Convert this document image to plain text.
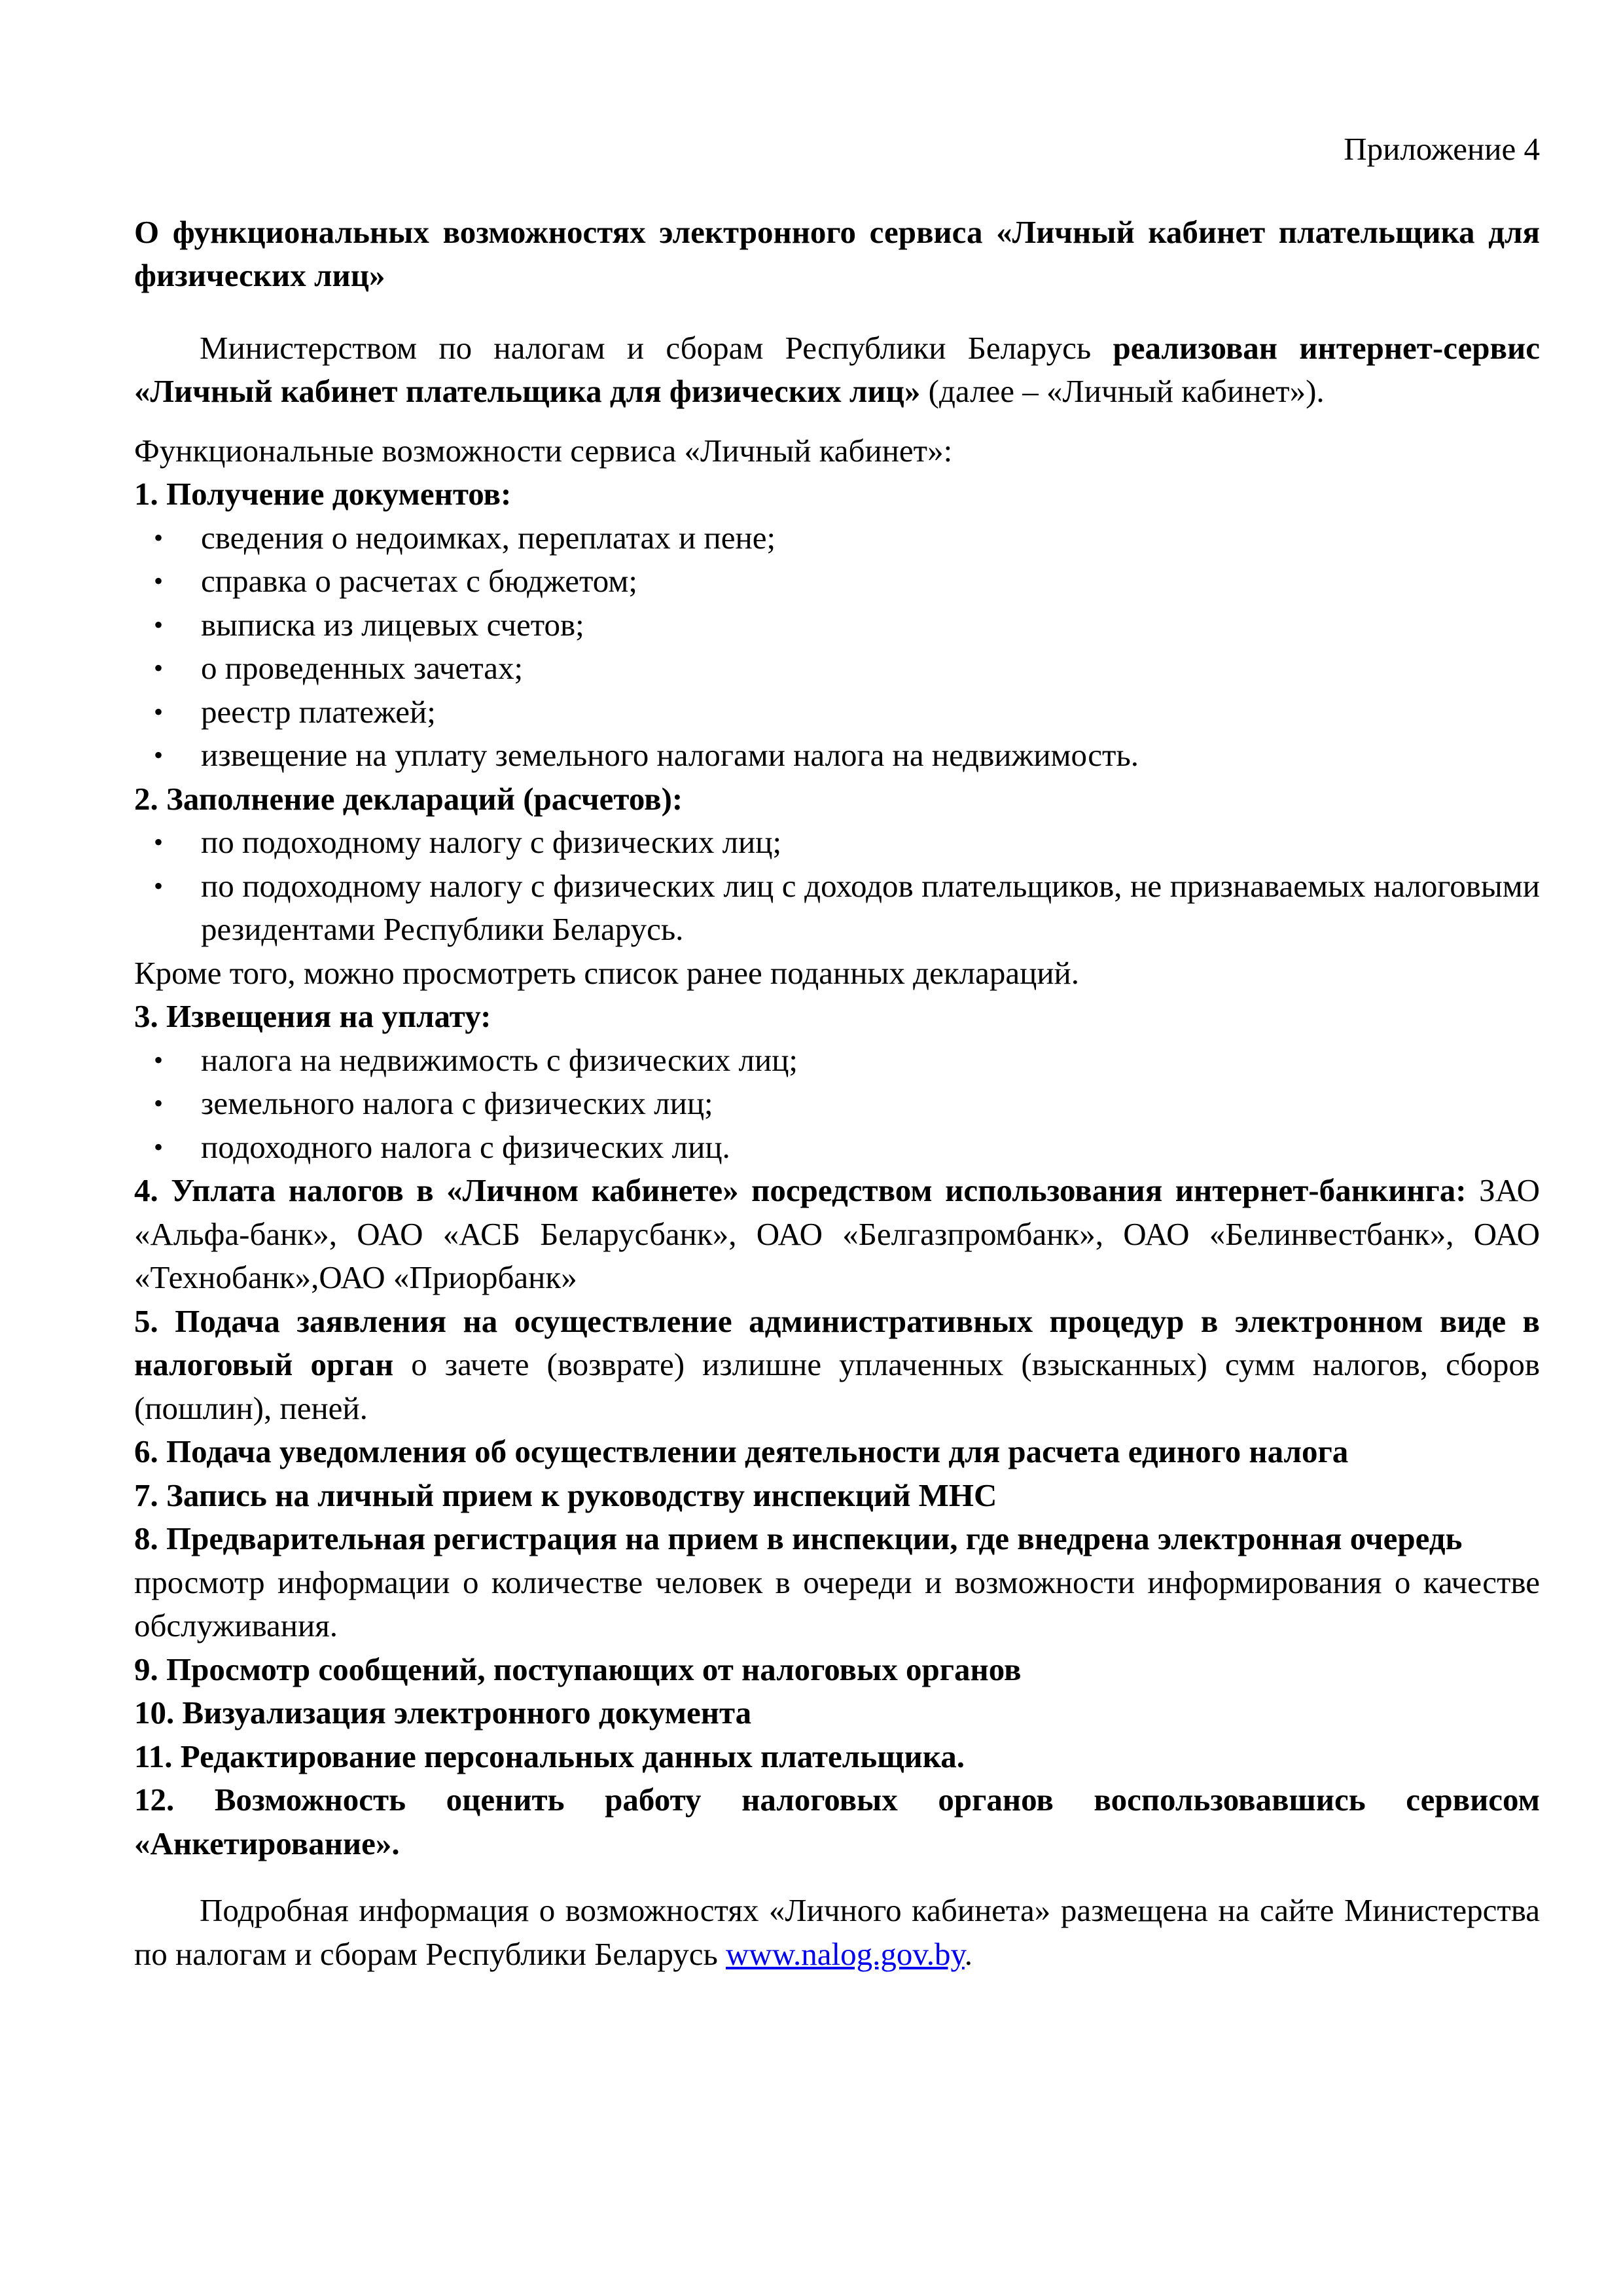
Приложение 4

О функциональных возможностях электронного сервиса «Личный кабинет плательщика для физических лиц»

Министерством по налогам и сборам Республики Беларусь реализован интернет-сервис «Личный кабинет плательщика для физических лиц» (далее – «Личный кабинет»).

Функциональные возможности сервиса «Личный кабинет»:

1. Получение документов:

• сведения о недоимках, переплатах и пене;
• справка о расчетах с бюджетом;
• выписка из лицевых счетов;
• о проведенных зачетах;
• реестр платежей;
• извещение на уплату земельного налогами налога на недвижимость.

2. Заполнение деклараций (расчетов):

• по подоходному налогу с физических лиц;
• по подоходному налогу с физических лиц с доходов плательщиков, не признаваемых налоговыми резидентами Республики Беларусь.

Кроме того, можно просмотреть список ранее поданных деклараций.

3. Извещения на уплату:

• налога на недвижимость с физических лиц;
• земельного налога с физических лиц;
• подоходного налога с физических лиц.

4. Уплата налогов в «Личном кабинете» посредством использования интернет-банкинга: ЗАО «Альфа-банк», ОАО «АСБ Беларусбанк», ОАО «Белгазпромбанк», ОАО «Белинвестбанк», ОАО «Технобанк»,ОАО «Приорбанк»

5. Подача заявления на осуществление административных процедур в электронном виде в налоговый орган о зачете (возврате) излишне уплаченных (взысканных) сумм налогов, сборов (пошлин), пеней.

6. Подача уведомления об осуществлении деятельности для расчета единого налога

7. Запись на личный прием к руководству инспекций МНС

8. Предварительная регистрация на прием в инспекции, где внедрена электронная очередь

просмотр информации о количестве человек в очереди и возможности информирования о качестве обслуживания.

9. Просмотр сообщений, поступающих от налоговых органов

10. Визуализация электронного документа

11. Редактирование персональных данных плательщика.

12. Возможность оценить работу налоговых органов воспользовавшись сервисом «Анкетирование».

Подробная информация о возможностях «Личного кабинета» размещена на сайте Министерства по налогам и сборам Республики Беларусь www.nalog.gov.by.
